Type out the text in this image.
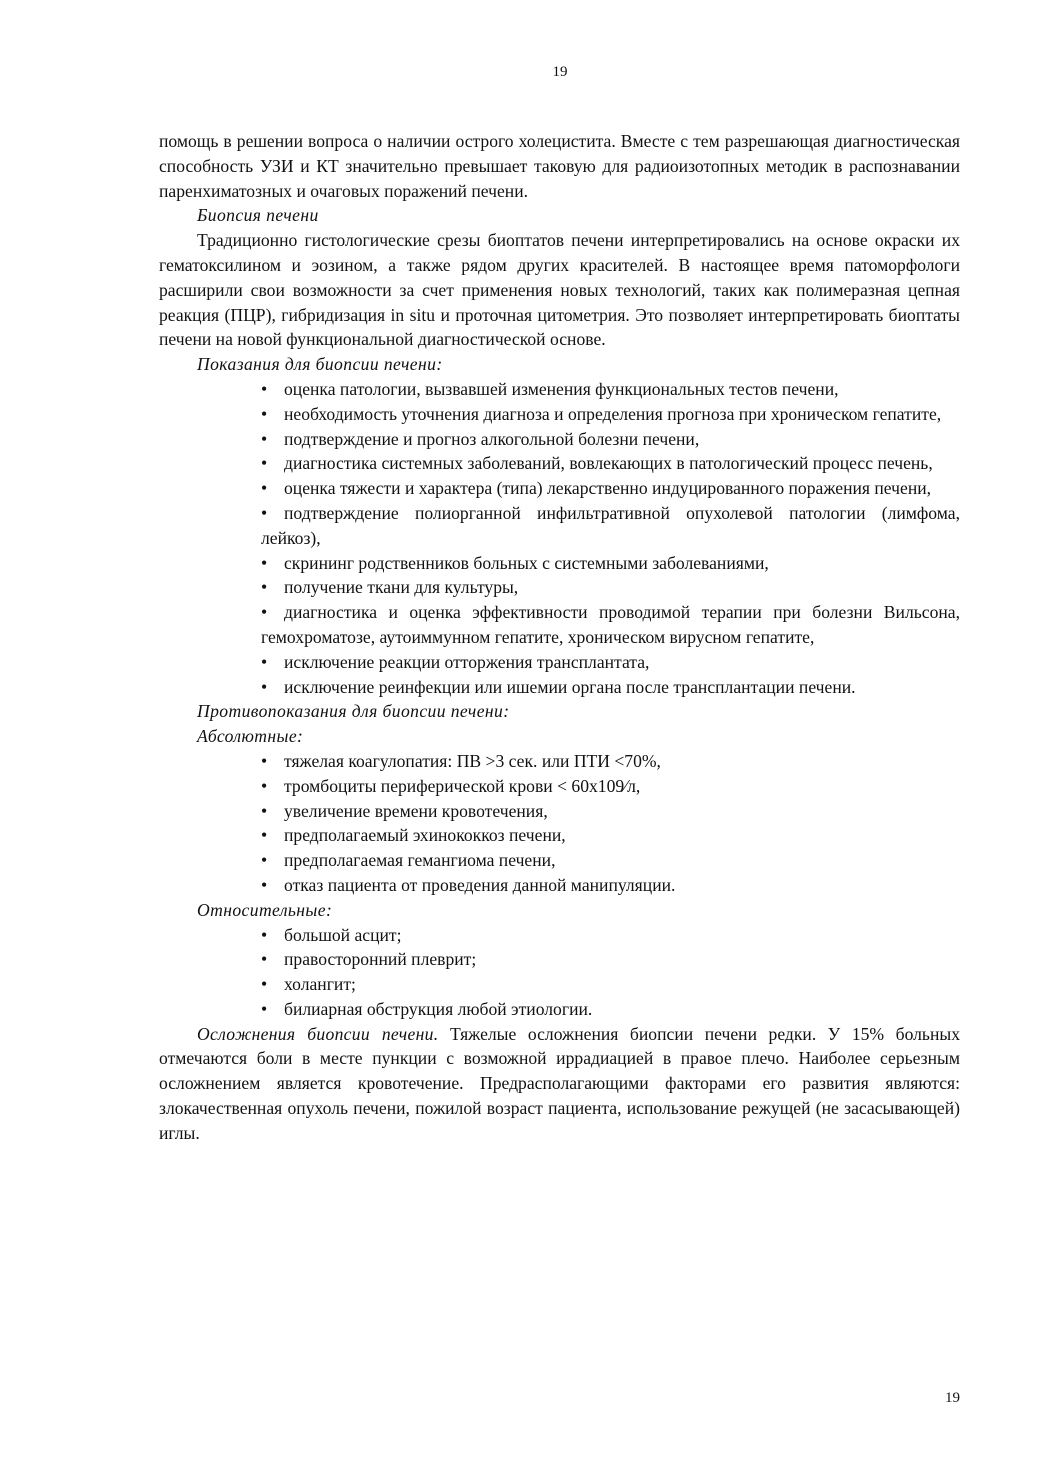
19

помощь в решении вопроса о наличии острого холецистита. Вместе с тем разрешающая диагностическая способность УЗИ и КТ значительно превышает таковую для радиоизотопных методик в распознавании паренхиматозных и очаговых поражений печени.

Биопсия печени

Традиционно гистологические срезы биоптатов печени интерпретировались на основе окраски их гематоксилином и эозином, а также рядом других красителей. В настоящее время патоморфологи расширили свои возможности за счет применения новых технологий, таких как полимеразная цепная реакция (ПЦР), гибридизация in situ и проточная цитометрия. Это позволяет интерпретировать биоптаты печени на новой функциональной диагностической основе.

Показания для биопсии печени:
• оценка патологии, вызвавшей изменения функциональных тестов печени,
• необходимость уточнения диагноза и определения прогноза при хроническом гепатите,
• подтверждение и прогноз алкогольной болезни печени,
• диагностика системных заболеваний, вовлекающих в патологический процесс печень,
• оценка тяжести и характера (типа) лекарственно индуцированного поражения печени,
• подтверждение полиорганной инфильтративной опухолевой патологии (лимфома, лейкоз),
• скрининг родственников больных с системными заболеваниями,
• получение ткани для культуры,
• диагностика и оценка эффективности проводимой терапии при болезни Вильсона, гемохроматозе, аутоиммунном гепатите, хроническом вирусном гепатите,
• исключение реакции отторжения трансплантата,
• исключение реинфекции или ишемии органа после трансплантации печени.
Противопоказания для биопсии печени:
Абсолютные:
• тяжелая коагулопатия: ПВ >3 сек. или ПТИ <70%,
• тромбоциты периферической крови < 60х109⁄л,
• увеличение времени кровотечения,
• предполагаемый эхинококкоз печени,
• предполагаемая гемангиома печени,
• отказ пациента от проведения данной манипуляции.
Относительные:
• большой асцит;
• правосторонний плеврит;
• холангит;
• билиарная обструкция любой этиологии.

Осложнения биопсии печени. Тяжелые осложнения биопсии печени редки. У 15% больных отмечаются боли в месте пункции с возможной иррадиацией в правое плечо. Наиболее серьезным осложнением является кровотечение. Предрасполагающими факторами его развития являются: злокачественная опухоль печени, пожилой возраст пациента, использование режущей (не засасывающей) иглы.

19
